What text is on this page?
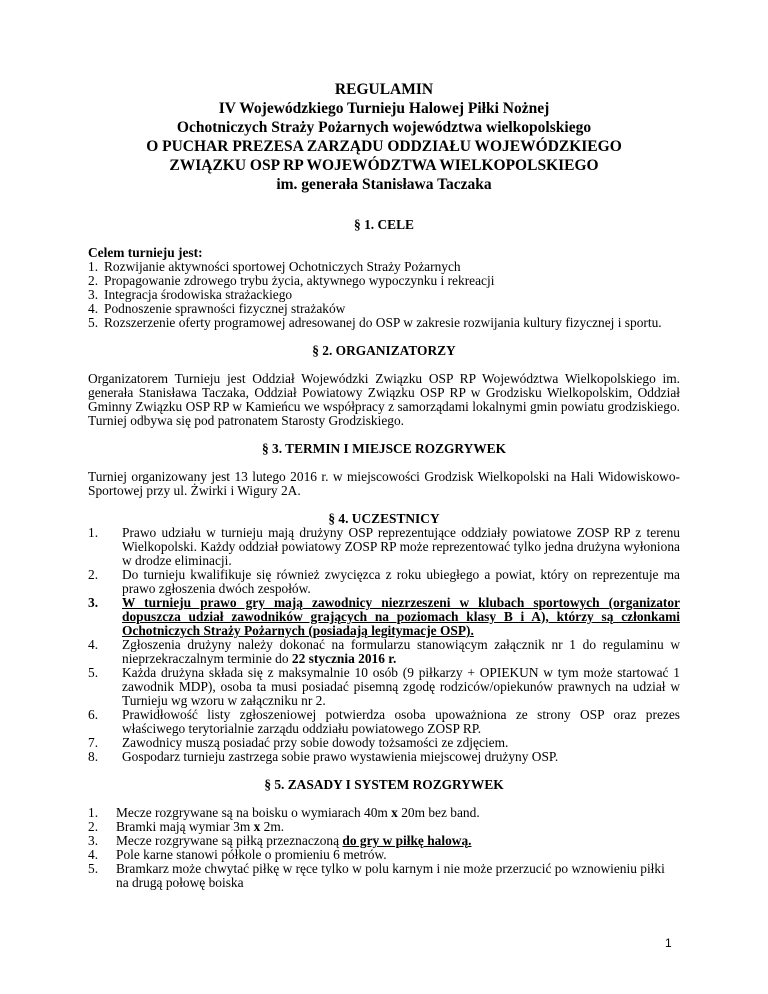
REGULAMIN

IV Wojewódzkiego Turnieju Halowej Piłki Nożnej

Ochotniczych Straży Pożarnych województwa wielkopolskiego

O PUCHAR PREZESA ZARZĄDU ODDZIAŁU WOJEWÓDZKIEGO

ZWIĄZKU OSP RP WOJEWÓDZTWA WIELKOPOLSKIEGO

im. generała Stanisława Taczaka

§ 1. CELE

Celem turnieju jest:

1. Rozwijanie aktywności sportowej Ochotniczych Straży Pożarnych
2. Propagowanie zdrowego trybu życia, aktywnego wypoczynku i rekreacji
3. Integracja środowiska strażackiego
4. Podnoszenie sprawności fizycznej strażaków
5. Rozszerzenie oferty programowej adresowanej do OSP w zakresie rozwijania kultury fizycznej i sportu.

§ 2. ORGANIZATORZY

Organizatorem Turnieju jest Oddział Wojewódzki Związku OSP RP Województwa Wielkopolskiego im. generała Stanisława Taczaka, Oddział Powiatowy Związku OSP RP w Grodzisku Wielkopolskim, Oddział Gminny Związku OSP RP w Kamieńcu we współpracy z samorządami lokalnymi gmin powiatu grodziskiego. Turniej odbywa się pod patronatem Starosty Grodziskiego.

§ 3. TERMIN I MIEJSCE ROZGRYWEK

Turniej organizowany jest 13 lutego 2016 r. w miejscowości Grodzisk Wielkopolski na Hali Widowiskowo-Sportowej przy ul. Żwirki i Wigury 2A.

§ 4. UCZESTNICY

1. Prawo udziału w turnieju mają drużyny OSP reprezentujące oddziały powiatowe ZOSP RP z terenu Wielkopolski. Każdy oddział powiatowy ZOSP RP może reprezentować tylko jedna drużyna wyłoniona w drodze eliminacji.
2. Do turnieju kwalifikuje się również zwycięzca z roku ubiegłego a powiat, który on reprezentuje ma prawo zgłoszenia dwóch zespołów.
3. W turnieju prawo gry mają zawodnicy niezrzeszeni w klubach sportowych (organizator dopuszcza udział zawodników grających na poziomach klasy B i A), którzy są członkami Ochotniczych Straży Pożarnych (posiadają legitymacje OSP).
4. Zgłoszenia drużyny należy dokonać na formularzu stanowiącym załącznik nr 1 do regulaminu w nieprzekraczalnym terminie do 22 stycznia 2016 r.
5. Każda drużyna składa się z maksymalnie 10 osób (9 piłkarzy + OPIEKUN w tym może startować 1 zawodnik MDP), osoba ta musi posiadać pisemną zgodę rodziców/opiekunów prawnych na udział w Turnieju wg wzoru w załączniku nr 2.
6. Prawidłowość listy zgłoszeniowej potwierdza osoba upoważniona ze strony OSP oraz prezes właściwego terytorialnie zarządu oddziału powiatowego ZOSP RP.
7. Zawodnicy muszą posiadać przy sobie dowody tożsamości ze zdjęciem.
8. Gospodarz turnieju zastrzega sobie prawo wystawienia miejscowej drużyny OSP.

§ 5. ZASADY I SYSTEM ROZGRYWEK

1. Mecze rozgrywane są na boisku o wymiarach 40m x 20m bez band.
2. Bramki mają wymiar 3m x 2m.
3. Mecze rozgrywane są piłką przeznaczoną do gry w piłkę halową.
4. Pole karne stanowi półkole o promieniu 6 metrów.
5. Bramkarz może chwytać piłkę w ręce tylko w polu karnym i nie może przerzucić po wznowieniu piłki na drugą połowę boiska
1
